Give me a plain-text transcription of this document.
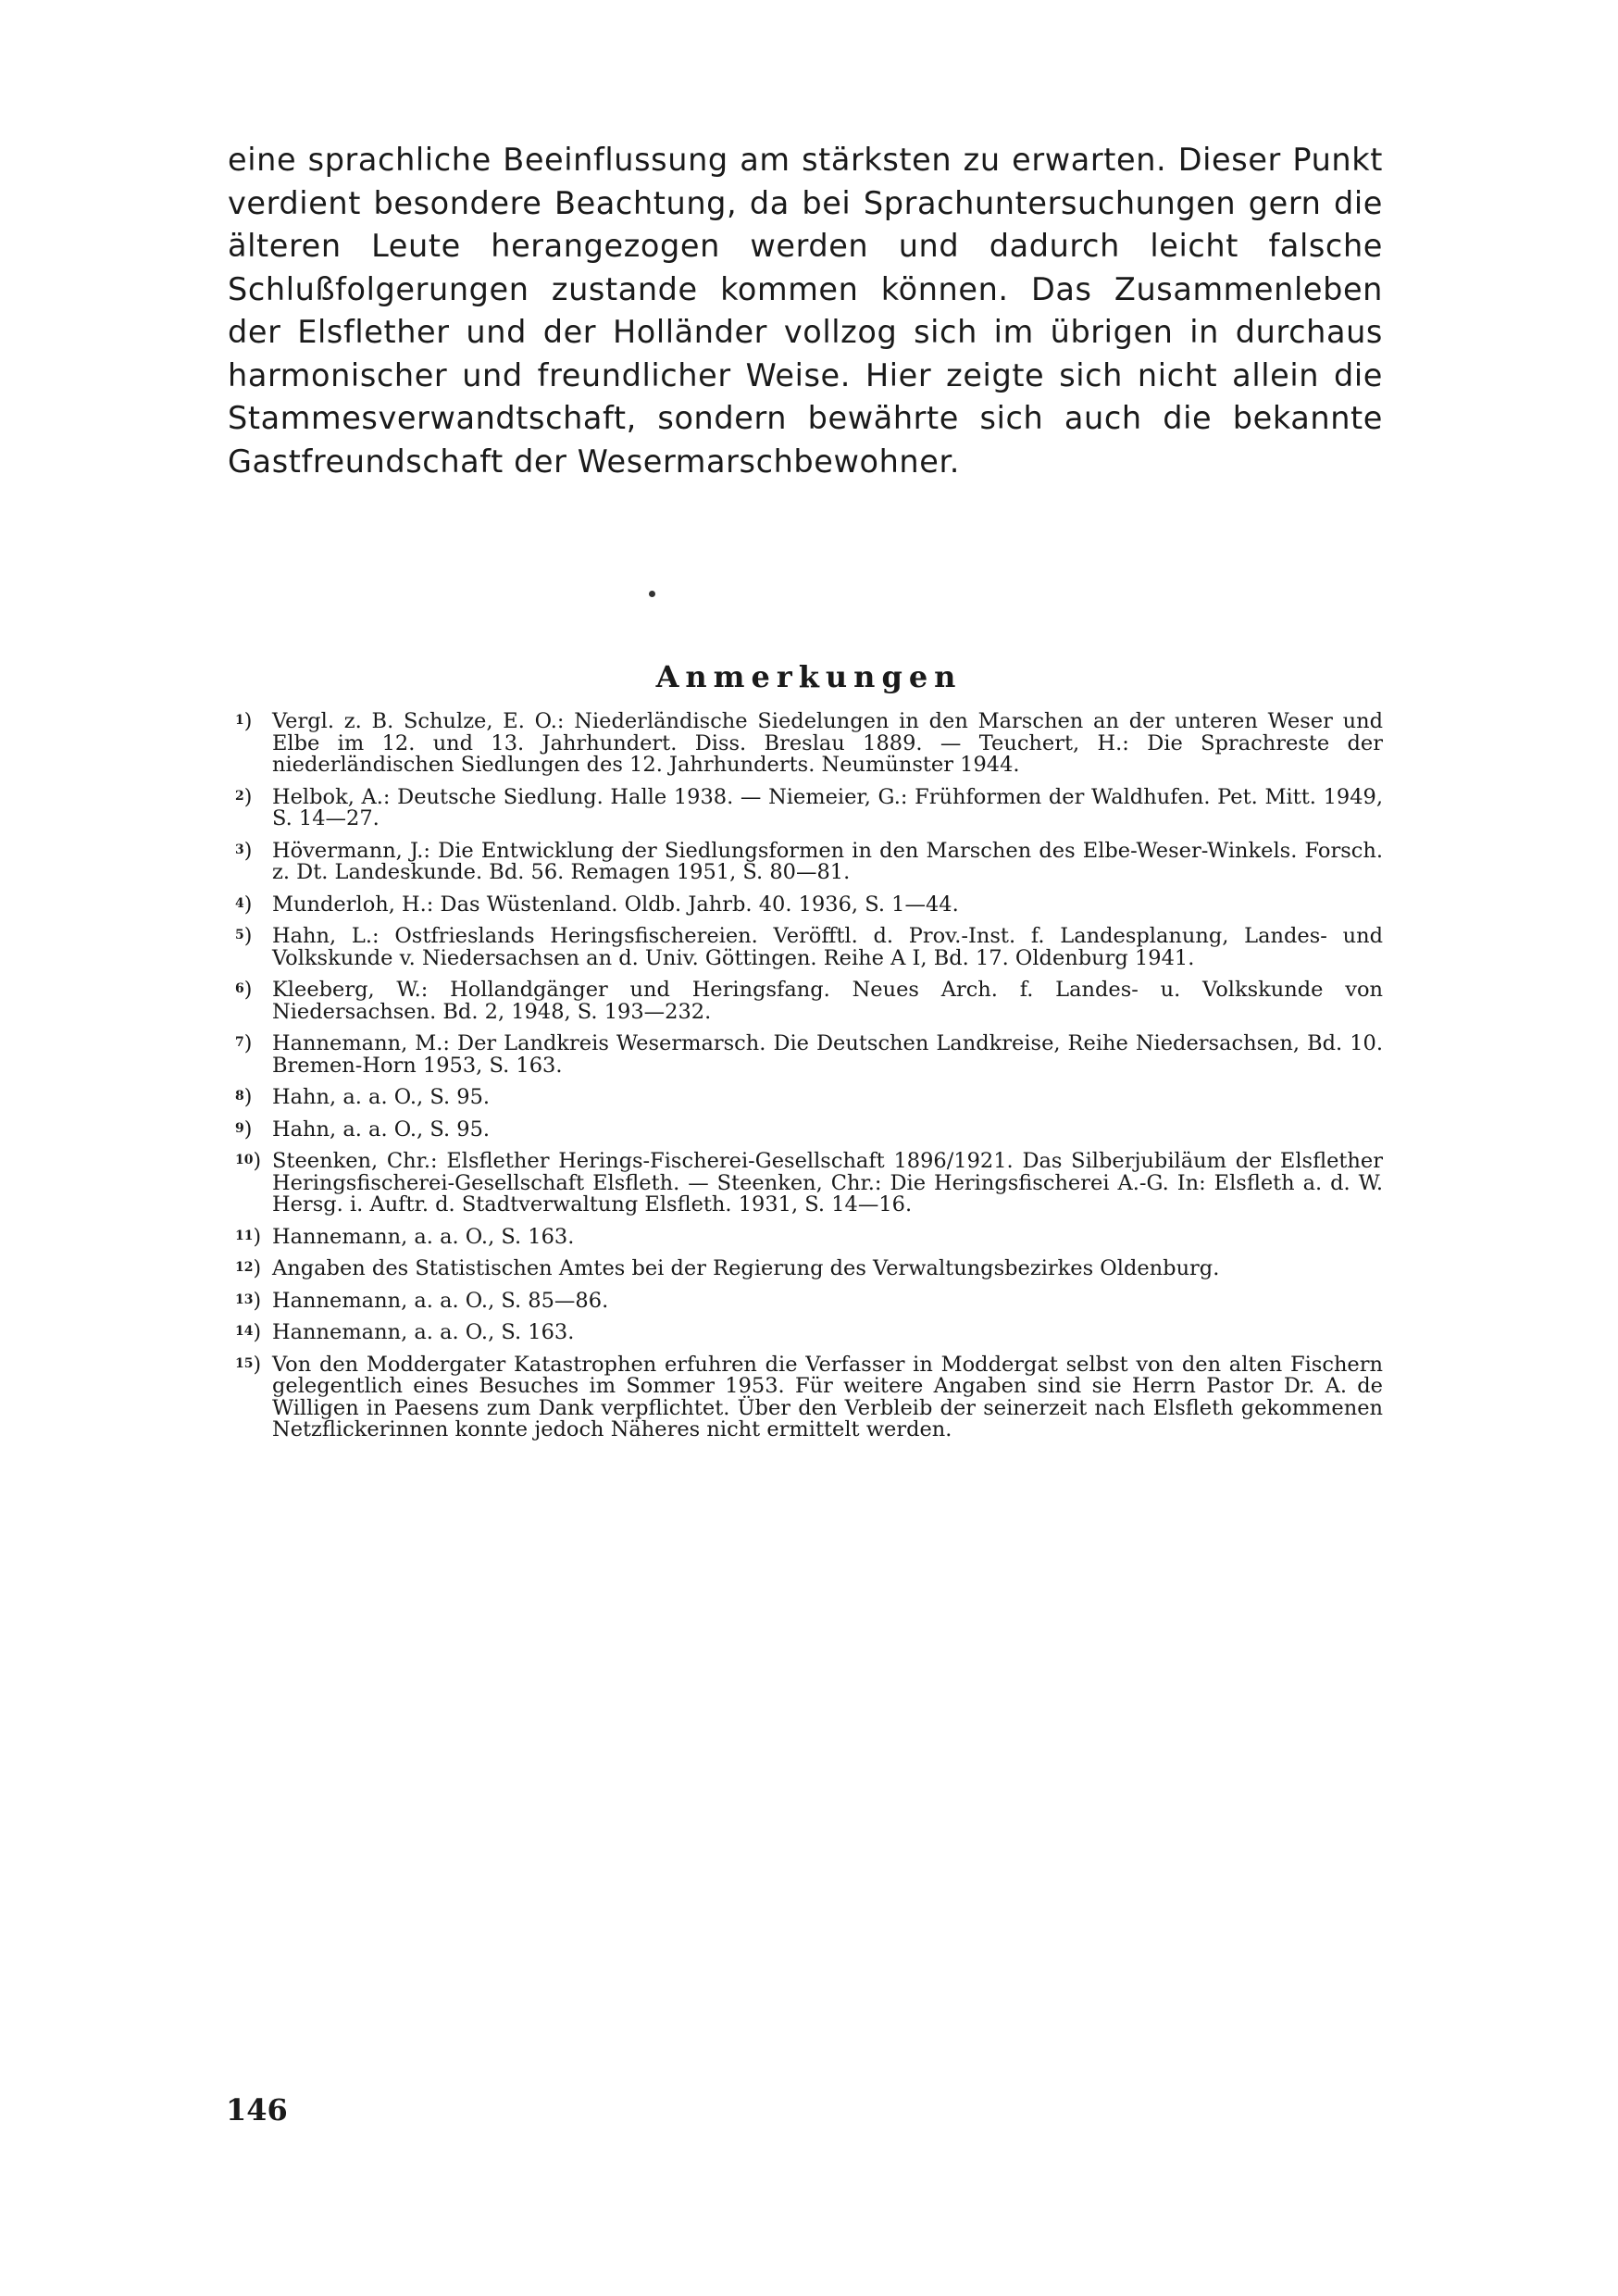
eine sprachliche Beeinflussung am stärksten zu erwarten. Dieser Punkt verdient besondere Beachtung, da bei Sprachuntersuchungen gern die älteren Leute herangezogen werden und dadurch leicht falsche Schlußfolgerungen zustande kommen können. Das Zusammenleben der Elsflether und der Holländer vollzog sich im übrigen in durchaus harmonischer und freundlicher Weise. Hier zeigte sich nicht allein die Stammesverwandtschaft, sondern bewährte sich auch die bekannte Gastfreundschaft der Wesermarschbewohner.

Anmerkungen
1) Vergl. z. B. Schulze, E. O.: Niederländische Siedelungen in den Marschen an der unteren Weser und Elbe im 12. und 13. Jahrhundert. Diss. Breslau 1889. — Teuchert, H.: Die Sprachreste der niederländischen Siedlungen des 12. Jahrhunderts. Neumünster 1944.
2) Helbok, A.: Deutsche Siedlung. Halle 1938. — Niemeier, G.: Frühformen der Waldhufen. Pet. Mitt. 1949, S. 14—27.
3) Hövermann, J.: Die Entwicklung der Siedlungsformen in den Marschen des Elbe-Weser-Winkels. Forsch. z. Dt. Landeskunde. Bd. 56. Remagen 1951, S. 80—81.
4) Munderloh, H.: Das Wüstenland. Oldb. Jahrb. 40. 1936, S. 1—44.
5) Hahn, L.: Ostfrieslands Heringsfischereien. Veröfftl. d. Prov.-Inst. f. Landesplanung, Landes- und Volkskunde v. Niedersachsen an d. Univ. Göttingen. Reihe A I, Bd. 17. Oldenburg 1941.
6) Kleeberg, W.: Hollandgänger und Heringsfang. Neues Arch. f. Landes- u. Volkskunde von Niedersachsen. Bd. 2, 1948, S. 193—232.
7) Hannemann, M.: Der Landkreis Wesermarsch. Die Deutschen Landkreise, Reihe Niedersachsen, Bd. 10. Bremen-Horn 1953, S. 163.
8) Hahn, a. a. O., S. 95.
9) Hahn, a. a. O., S. 95.
10) Steenken, Chr.: Elsflether Herings-Fischerei-Gesellschaft 1896/1921. Das Silberjubiläum der Elsflether Heringsfischerei-Gesellschaft Elsfleth. — Steenken, Chr.: Die Heringsfischerei A.-G. In: Elsfleth a. d. W. Hersg. i. Auftr. d. Stadtverwaltung Elsfleth. 1931, S. 14—16.
11) Hannemann, a. a. O., S. 163.
12) Angaben des Statistischen Amtes bei der Regierung des Verwaltungsbezirkes Oldenburg.
13) Hannemann, a. a. O., S. 85—86.
14) Hannemann, a. a. O., S. 163.
15) Von den Moddergater Katastrophen erfuhren die Verfasser in Moddergat selbst von den alten Fischern gelegentlich eines Besuches im Sommer 1953. Für weitere Angaben sind sie Herrn Pastor Dr. A. de Willigen in Paesens zum Dank verpflichtet. Über den Verbleib der seinerzeit nach Elsfleth gekommenen Netzflickerinnen konnte jedoch Näheres nicht ermittelt werden.
146
